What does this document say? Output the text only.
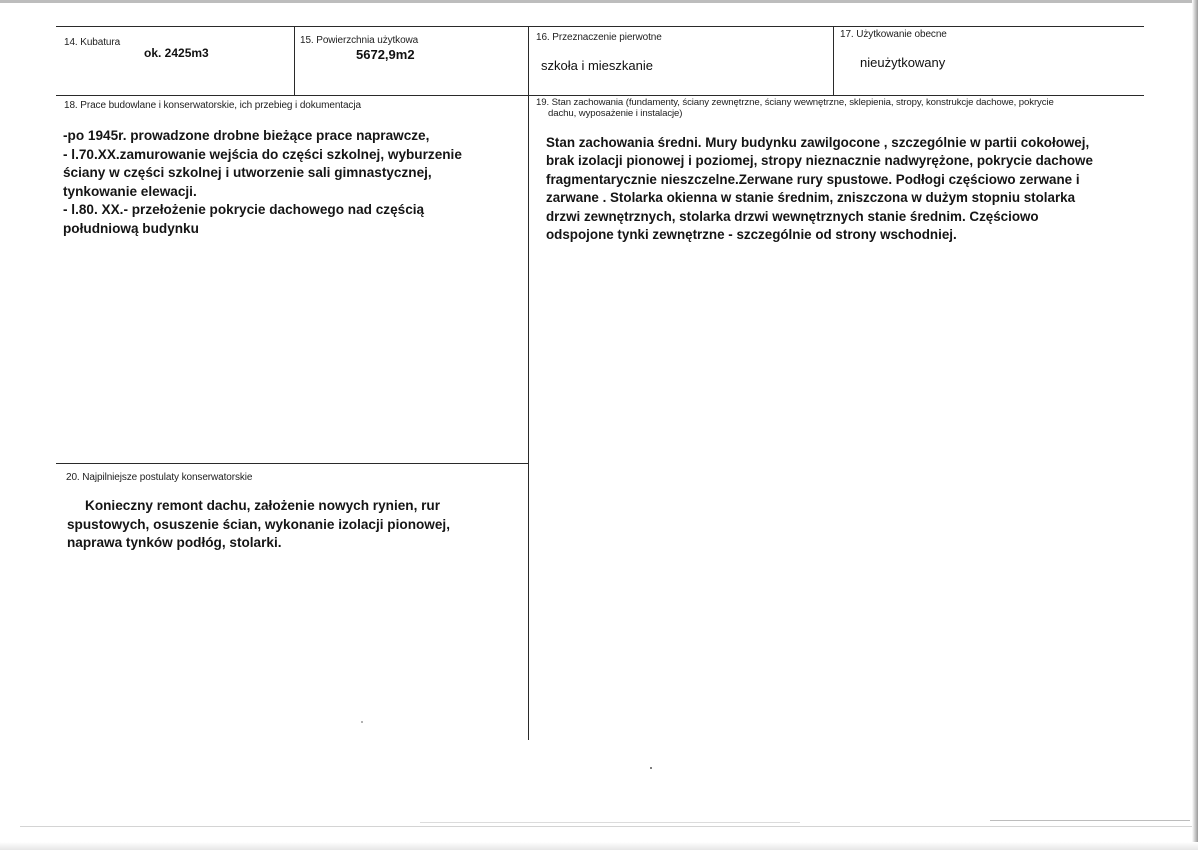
14. Kubatura
ok. 2425m3
15. Powierzchnia użytkowa
5672,9m2
16. Przeznaczenie pierwotne
szkoła i mieszkanie
17. Użytkowanie obecne
nieużytkowany
18. Prace budowlane i konserwatorskie, ich przebieg i dokumentacja
-po 1945r. prowadzone drobne bieżące prace naprawcze,
- l.70.XX.zamurowanie wejścia do części szkolnej, wyburzenie
ściany w części szkolnej i utworzenie sali gimnastycznej,
tynkowanie elewacji.
- l.80. XX.- przełożenie pokrycie dachowego nad częścią
południową budynku
19. Stan zachowania (fundamenty, ściany zewnętrzne, ściany wewnętrzne, sklepienia, stropy, konstrukcje dachowe, pokrycie
dachu, wyposażenie i instalacje)
Stan zachowania średni. Mury budynku zawilgocone , szczególnie w partii cokołowej,
brak izolacji pionowej i poziomej, stropy nieznacznie nadwyrężone, pokrycie dachowe
fragmentarycznie nieszczelne.Zerwane rury spustowe. Podłogi częściowo zerwane i
zarwane . Stolarka okienna w stanie średnim, zniszczona w dużym stopniu stolarka
drzwi zewnętrznych, stolarka drzwi wewnętrznych stanie średnim. Częściowo
odspojone tynki zewnętrzne - szczególnie od strony wschodniej.
20. Najpilniejsze postulaty konserwatorskie
Konieczny remont dachu, założenie nowych rynien, rur
spustowych, osuszenie ścian, wykonanie izolacji pionowej,
naprawa tynków podłóg, stolarki.
